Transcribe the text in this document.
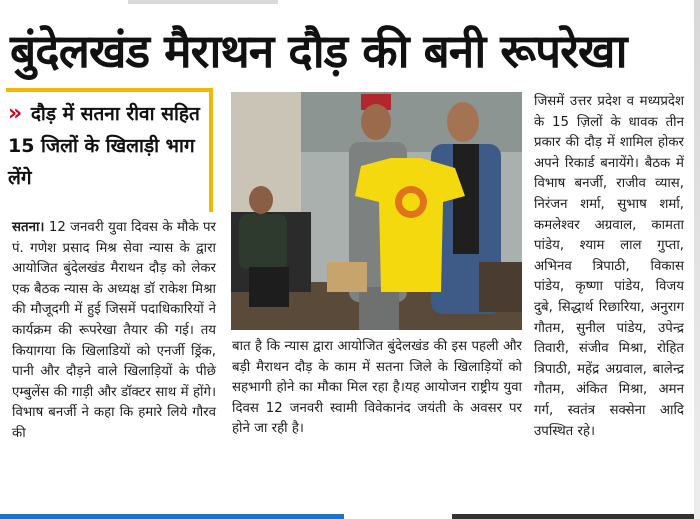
बुंदेलखंड मैराथन दौड़ की बनी रूपरेखा
» दौड़ में सतना रीवा सहित 15 जिलों के खिलाड़ी भाग लेंगे
सतना। 12 जनवरी युवा दिवस के मौके पर पं. गणेश प्रसाद मिश्र सेवा न्यास के द्वारा आयोजित बुंदेलखंड मैराथन दौड़ को लेकर एक बैठक न्यास के अध्यक्ष डॉ राकेश मिश्रा की मौजूदगी में हुई जिसमें पदाधिकारियों ने कार्यक्रम की रूपरेखा तैयार की गई। तय कियागया कि खिलाडियों को एनर्जी ड्रिंक, पानी और दौड़ने वाले खिलाड़ियों के पीछे एम्बुलेंस की गाड़ी और डॉक्टर साथ में होंगे। विभाष बनर्जी ने कहा कि हमारे लिये गौरव की
बात है कि न्यास द्वारा आयोजित बुंदेलखंड की इस पहली और बड़ी मैराथन दौड़ के काम में सतना जिले के खिलाड़ियों को सहभागी होने का मौका मिल रहा है।यह आयोजन राष्ट्रीय युवा दिवस 12 जनवरी स्वामी विवेकानंद जयंती के अवसर पर होने जा रही है।
जिसमें उत्तर प्रदेश व मध्यप्रदेश के 15 ज़िलों के धावक तीन प्रकार की दौड़ में शामिल होकर अपने रिकार्ड बनायेंगे। बैठक में विभाष बनर्जी, राजीव व्यास, निरंजन शर्मा, सुभाष शर्मा, कमलेश्वर अग्रवाल, कामता पांडेय, श्याम लाल गुप्ता, अभिनव त्रिपाठी, विकास पांडेय, कृष्णा पांडेय, विजय दुबे, सिद्धार्थ रिछारिया, अनुराग गौतम, सुनील पांडेय, उपेन्द्र तिवारी, संजीव मिश्रा, रोहित त्रिपाठी, महेंद्र अग्रवाल, बालेन्द्र गौतम, अंकित मिश्रा, अमन गर्ग, स्वतंत्र सक्सेना आदि उपस्थित रहे।
